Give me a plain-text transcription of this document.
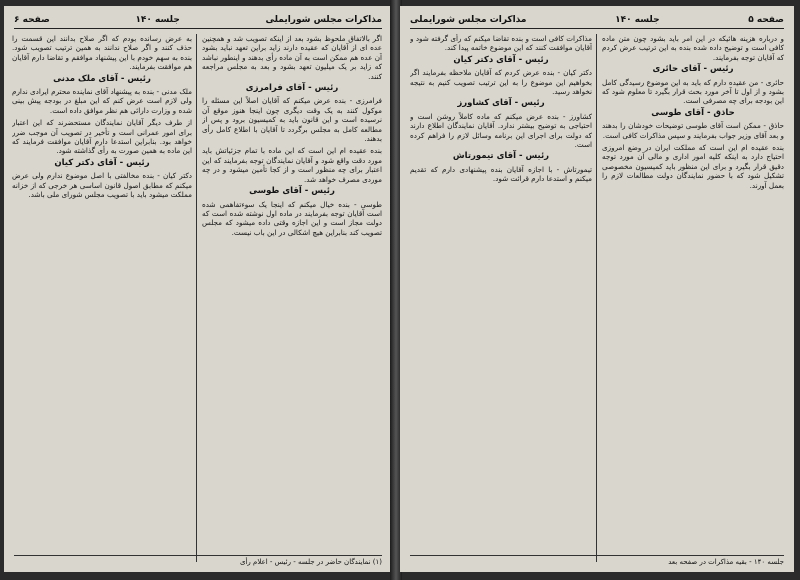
مذاکرات مجلس شورایملی
جلسه ۱۴۰
صفحه ۶

اگر بالاتفاق ملحوظ بشود بعد از اینکه تصویب شد و همچنین عده ای از آقایان که عقیده دارند زاید براین تعهد نباید بشود آن عده هم ممکن است به آن ماده رأی بدهند و اینطور نباشد که زاید بر یک میلیون تعهد بشود و بعد به مجلس مراجعه کنند.

رئیس - آقای فرامرزی

فرامرزی - بنده عرض میکنم که آقایان اصلاً این مسئله را موکول کنند به یک وقت دیگری چون اینجا هنوز موقع آن نرسیده است و این قانون باید به کمیسیون برود و پس از مطالعه کامل به مجلس برگردد تا آقایان با اطلاع کامل رأی بدهند.

بنده عقیده ام این است که این ماده با تمام جزئیاتش باید مورد دقت واقع شود و آقایان نمایندگان توجه بفرمایند که این اعتبار برای چه منظور است و از کجا تأمین میشود و در چه موردی مصرف خواهد شد.

رئیس - آقای طوسی

طوسی - بنده خیال میکنم که اینجا یک سوءتفاهمی شده است آقایان توجه بفرمایند در ماده اول نوشته شده است که دولت مجاز است و این اجازه وقتی داده میشود که مجلس تصویب کند بنابراین هیچ اشکالی در این باب نیست.

به عرض رسانده بودم که اگر صلاح بدانند این قسمت را حذف کنند و اگر صلاح ندانند به همین ترتیب تصویب شود. بنده به سهم خودم با این پیشنهاد موافقم و تقاضا دارم آقایان هم موافقت بفرمایند.

رئیس - آقای ملک مدنی

ملک مدنی - بنده به پیشنهاد آقای نماینده محترم ایرادی ندارم ولی لازم است عرض کنم که این مبلغ در بودجه پیش بینی شده و وزارت دارائی هم نظر موافق داده است.

از طرف دیگر آقایان نمایندگان مستحضرند که این اعتبار برای امور عمرانی است و تأخیر در تصویب آن موجب ضرر خواهد بود. بنابراین استدعا دارم آقایان موافقت فرمایند که این ماده به همین صورت به رأی گذاشته شود.

رئیس - آقای دکتر کیان

دکتر کیان - بنده مخالفتی با اصل موضوع ندارم ولی عرض میکنم که مطابق اصول قانون اساسی هر خرجی که از خزانه مملکت میشود باید با تصویب مجلس شورای ملی باشد.

(۱) نمایندگان حاضر در جلسه - رئیس - اعلام رأی
صفحه ۵
جلسه ۱۴۰
مذاکرات مجلس شورایملی

و درباره هزینه هائیکه در این امر باید بشود چون متن ماده کافی است و توضیح داده شده بنده به این ترتیب عرض کردم که آقایان توجه بفرمایند.

رئیس - آقای حائری

حائری - من عقیده دارم که باید به این موضوع رسیدگی کامل بشود و از اول تا آخر مورد بحث قرار بگیرد تا معلوم شود که این بودجه برای چه مصرفی است.

حاذق - آقای طوسی

حاذق - ممکن است آقای طوسی توضیحات خودشان را بدهند و بعد آقای وزیر جواب بفرمایند و سپس مذاکرات کافی است.

بنده عقیده ام این است که مملکت ایران در وضع امروزی احتیاج دارد به اینکه کلیه امور اداری و مالی آن مورد توجه دقیق قرار بگیرد و برای این منظور باید کمیسیون مخصوصی تشکیل شود که با حضور نمایندگان دولت مطالعات لازم را بعمل آورند.

مذاکرات کافی است و بنده تقاضا میکنم که رأی گرفته شود و آقایان موافقت کنند که این موضوع خاتمه پیدا کند.

رئیس - آقای دکتر کیان

دکتر کیان - بنده عرض کردم که آقایان ملاحظه بفرمایند اگر بخواهیم این موضوع را به این ترتیب تصویب کنیم به نتیجه نخواهد رسید.

رئیس - آقای کشاورز

کشاورز - بنده عرض میکنم که ماده کاملاً روشن است و احتیاجی به توضیح بیشتر ندارد. آقایان نمایندگان اطلاع دارند که دولت برای اجرای این برنامه وسائل لازم را فراهم کرده است.

رئیس - آقای تیمورتاش

تیمورتاش - با اجازه آقایان بنده پیشنهادی دارم که تقدیم میکنم و استدعا دارم قرائت شود.

جلسه ۱۴۰ - بقیه مذاکرات در صفحه بعد
